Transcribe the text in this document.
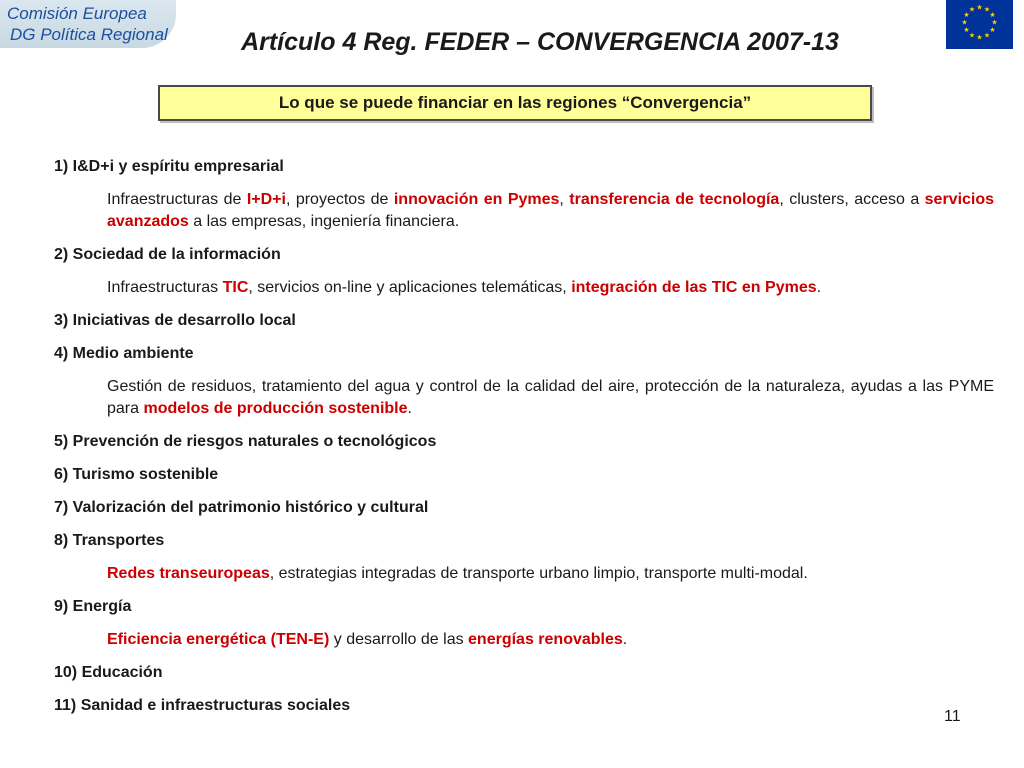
Comisión Europea
DG Política Regional
★ ★
★
★
★
★
★
★
★
★
★
★
Artículo 4 Reg. FEDER – CONVERGENCIA 2007-13
Lo que se puede financiar en las regiones “Convergencia”
1) I&D+i y espíritu empresarial
Infraestructuras de I+D+i, proyectos de innovación en Pymes, transferencia de tecnología, clusters, acceso a servicios avanzados a las empresas, ingeniería financiera.
2) Sociedad de la información
Infraestructuras TIC, servicios on-line y aplicaciones telemáticas, integración de las TIC en Pymes.
3) Iniciativas de desarrollo local
4) Medio ambiente
Gestión de residuos, tratamiento del agua y control de la calidad del aire, protección de la naturaleza, ayudas a las PYME para modelos de producción sostenible.
5) Prevención de riesgos naturales o tecnológicos
6) Turismo sostenible
7) Valorización del patrimonio histórico y cultural
8) Transportes
Redes transeuropeas, estrategias integradas de transporte urbano limpio, transporte multi-modal.
9) Energía
Eficiencia energética (TEN-E) y desarrollo de las energías renovables.
10) Educación
11) Sanidad e infraestructuras sociales
11
